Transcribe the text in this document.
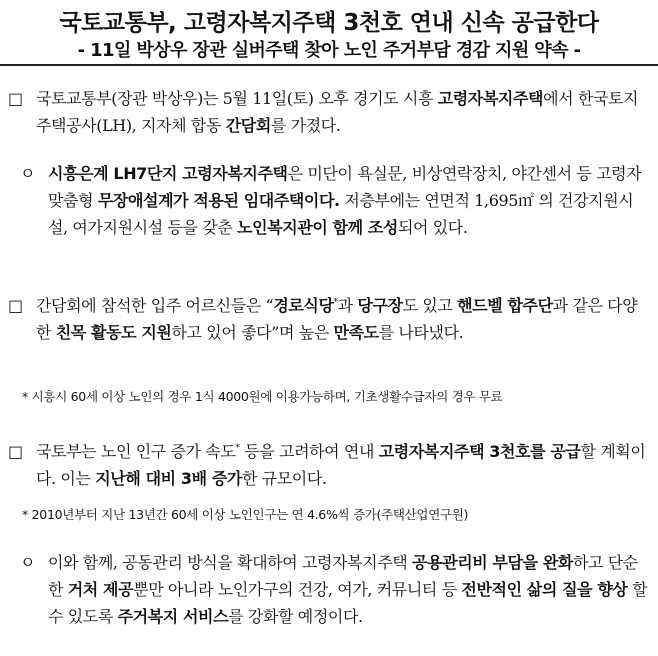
국토교통부, 고령자복지주택 3천호 연내 신속 공급한다
- 11일 박상우 장관 실버주택 찾아 노인 주거부담 경감 지원 약속 -
□ 국토교통부(장관 박상우)는 5월 11일(토) 오후 경기도 시흥 고령자복지주택에서 한국토지주택공사(LH), 지자체 합동 간담회를 가졌다.

ㅇ 시흥은계 LH7단지 고령자복지주택은 미단이 욕실문, 비상연락장치, 야간센서 등 고령자 맞춤형 무장애설계가 적용된 임대주택이다. 저층부에는 연면적 1,695㎡ 의 건강지원시설, 여가지원시설 등을 갖춘 노인복지관이 함께 조성되어 있다.

□ 간담회에 참석한 입주 어르신들은 “경로식당*과 당구장도 있고 핸드벨 합주단과 같은 다양한 친목 활동도 지원하고 있어 좋다”며 높은 만족도를 나타냈다.

* 시흥시 60세 이상 노인의 경우 1식 4000원에 이용가능하며, 기초생활수급자의 경우 무료
□ 국토부는 노인 인구 증가 속도* 등을 고려하여 연내 고령자복지주택 3천호를 공급할 계획이다. 이는 지난해 대비 3배 증가한 규모이다.

* 2010년부터 지난 13년간 60세 이상 노인인구는 연 4.6%씩 증가(주택산업연구원)
ㅇ 이와 함께, 공동관리 방식을 확대하여 고령자복지주택 공용관리비 부담을 완화하고 단순한 거처 제공뿐만 아니라 노인가구의 건강, 여가, 커뮤니티 등 전반적인 삶의 질을 향상 할 수 있도록 주거복지 서비스를 강화할 예정이다.
